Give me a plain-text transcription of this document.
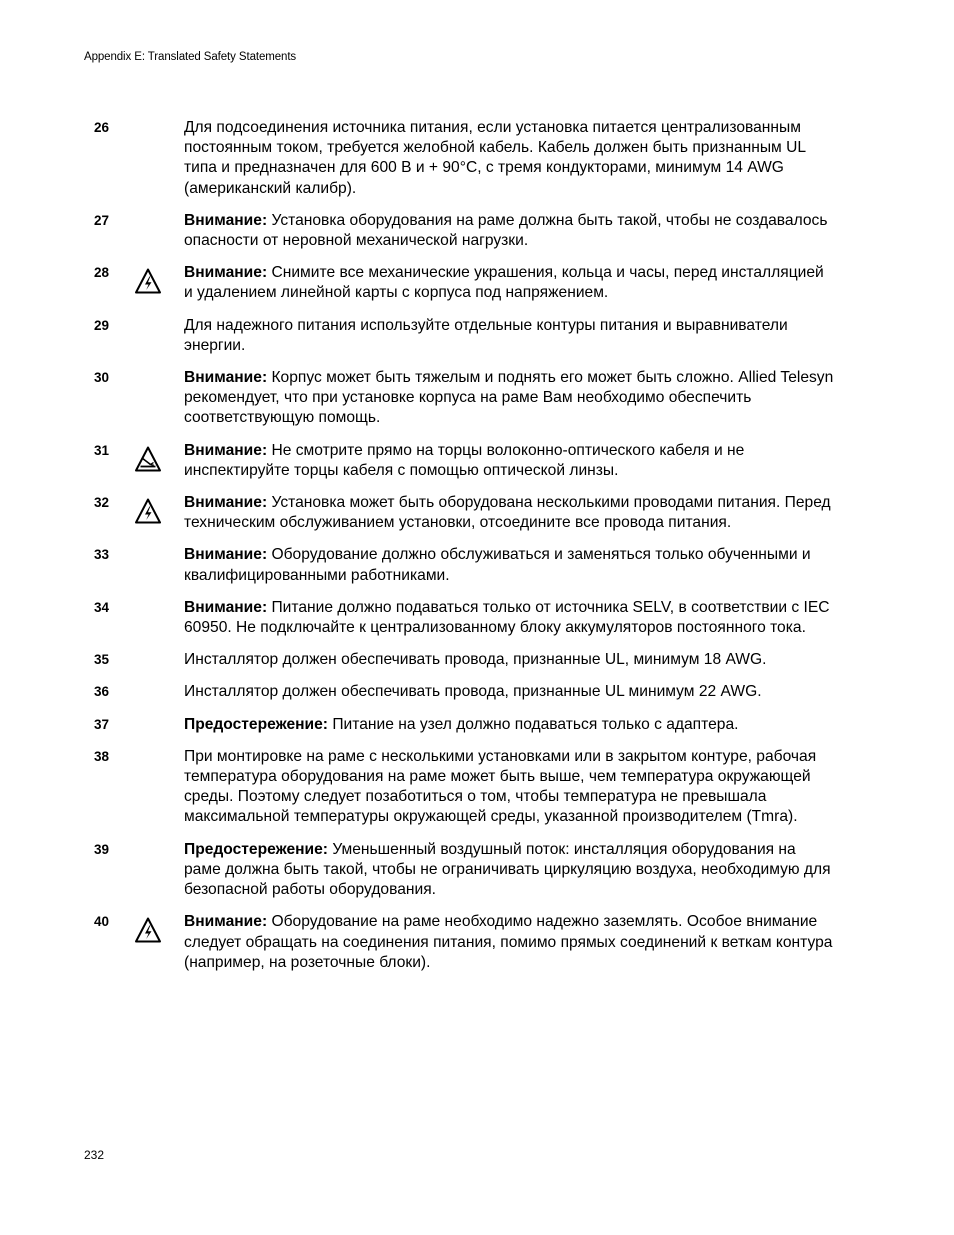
Appendix E: Translated Safety Statements
26	Для подсоединения источника питания, если установка питается централизованным постоянным током, требуется желобной кабель. Кабель должен быть признанным UL типа и предназначен для 600 В и + 90°С, с тремя кондукторами, минимум 14 AWG (американский калибр).
27	Внимание: Установка оборудования на раме должна быть такой, чтобы не создавалось опасности от неровной механической нагрузки.
28	Внимание: Снимите все механические украшения, кольца и часы, перед инсталляцией и удалением линейной карты с корпуса под напряжением.
29	Для надежного питания используйте отдельные контуры питания и выравниватели энергии.
30	Внимание: Корпус может быть тяжелым и поднять его может быть сложно. Allied Telesyn рекомендует, что при установке корпуса на раме Вам необходимо обеспечить соответствующую помощь.
31	Внимание: Не смотрите прямо на торцы волоконно-оптического кабеля и не инспектируйте торцы кабеля с помощью оптической линзы.
32	Внимание: Установка может быть оборудована несколькими проводами питания. Перед техническим обслуживанием установки, отсоедините все провода питания.
33	Внимание: Оборудование должно обслуживаться и заменяться только обученными и квалифицированными работниками.
34	Внимание: Питание должно подаваться только от источника SELV, в соответствии с IEC 60950. Не подключайте к централизованному блоку аккумуляторов постоянного тока.
35	Инсталлятор должен обеспечивать провода, признанные UL, минимум 18 AWG.
36	Инсталлятор должен обеспечивать провода, признанные UL минимум 22 AWG.
37	Предостережение: Питание на узел должно подаваться только с адаптера.
38	При монтировке на раме с несколькими установками или в закрытом контуре, рабочая температура оборудования на раме может быть выше, чем температура окружающей среды. Поэтому следует позаботиться о том, чтобы температура не превышала максимальной температуры окружающей среды, указанной производителем (Tmra).
39	Предостережение: Уменьшенный воздушный поток: инсталляция оборудования на раме должна быть такой, чтобы не ограничивать циркуляцию воздуха, необходимую для безопасной работы оборудования.
40	Внимание: Оборудование на раме необходимо надежно заземлять. Особое внимание следует обращать на соединения питания, помимо прямых соединений к веткам контура (например, на розеточные блоки).
232
